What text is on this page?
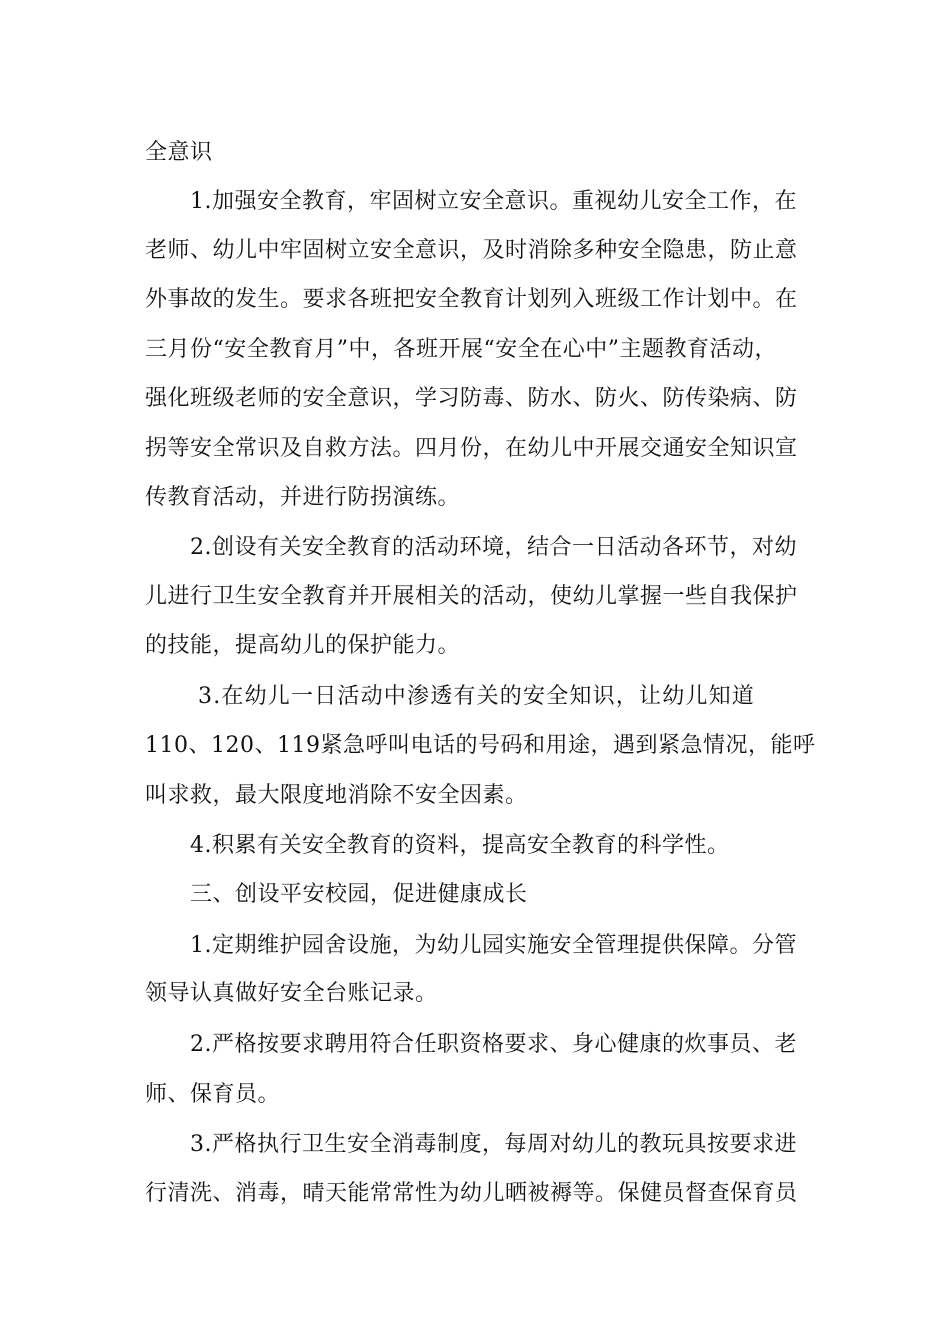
全意识

1.加强安全教育，牢固树立安全意识。重视幼儿安全工作，在

老师、幼儿中牢固树立安全意识，及时消除多种安全隐患，防止意

外事故的发生。要求各班把安全教育计划列入班级工作计划中。在

三月份“安全教育月”中，各班开展“安全在心中”主题教育活动，

强化班级老师的安全意识，学习防毒、防水、防火、防传染病、防

拐等安全常识及自救方法。四月份，在幼儿中开展交通安全知识宣

传教育活动，并进行防拐演练。

2.创设有关安全教育的活动环境，结合一日活动各环节，对幼

儿进行卫生安全教育并开展相关的活动，使幼儿掌握一些自我保护

的技能，提高幼儿的保护能力。

3.在幼儿一日活动中渗透有关的安全知识，让幼儿知道

110、120、119紧急呼叫电话的号码和用途，遇到紧急情况，能呼

叫求救，最大限度地消除不安全因素。

4.积累有关安全教育的资料，提高安全教育的科学性。

三、创设平安校园，促进健康成长

1.定期维护园舍设施，为幼儿园实施安全管理提供保障。分管

领导认真做好安全台账记录。

2.严格按要求聘用符合任职资格要求、身心健康的炊事员、老

师、保育员。

3.严格执行卫生安全消毒制度，每周对幼儿的教玩具按要求进

行清洗、消毒，晴天能常常性为幼儿晒被褥等。保健员督查保育员
